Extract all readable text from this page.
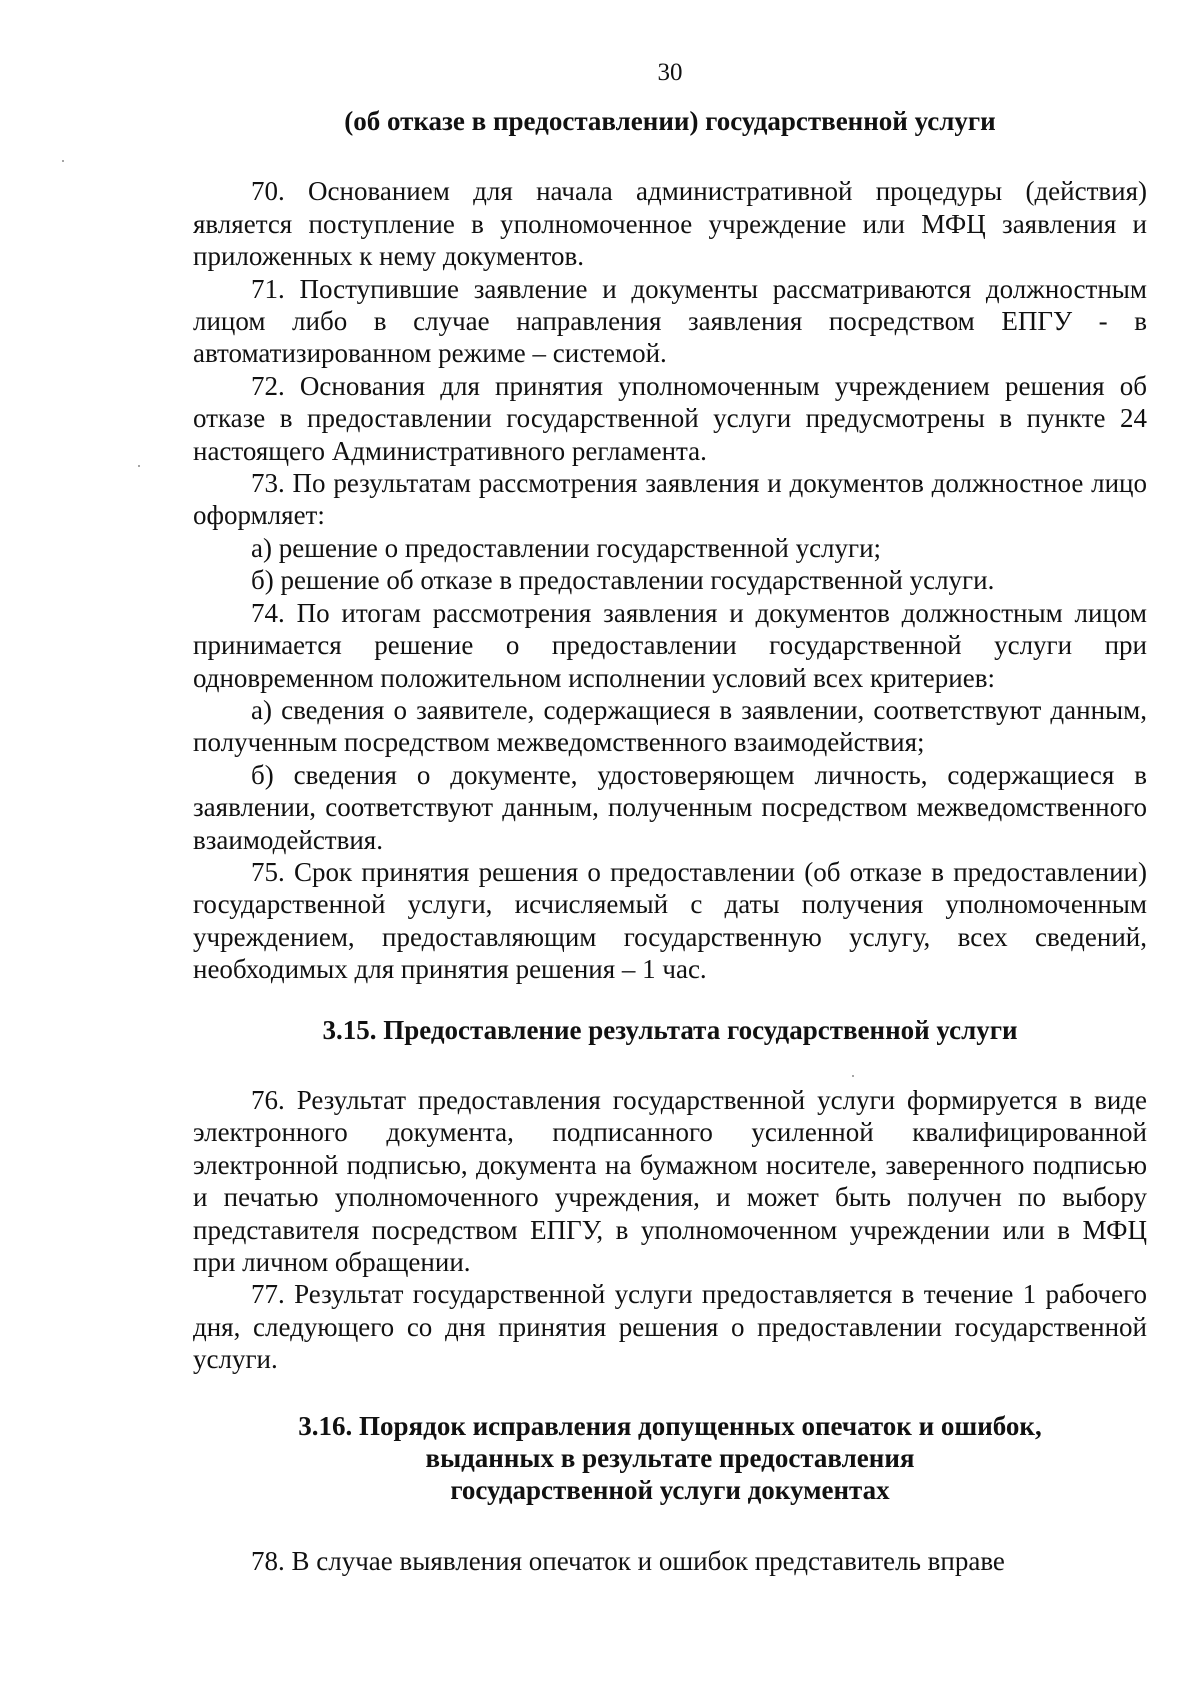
30
(об отказе в предоставлении) государственной услуги

70. Основанием для начала административной процедуры (действия) является поступление в уполномоченное учреждение или МФЦ заявления и приложенных к нему документов.

71. Поступившие заявление и документы рассматриваются должностным лицом либо в случае направления заявления посредством ЕПГУ - в автоматизированном режиме – системой.

72. Основания для принятия уполномоченным учреждением решения об отказе в предоставлении государственной услуги предусмотрены в пункте 24 настоящего Административного регламента.

73. По результатам рассмотрения заявления и документов должностное лицо оформляет:

а) решение о предоставлении государственной услуги;

б) решение об отказе в предоставлении государственной услуги.

74. По итогам рассмотрения заявления и документов должностным лицом принимается решение о предоставлении государственной услуги при одновременном положительном исполнении условий всех критериев:

а) сведения о заявителе, содержащиеся в заявлении, соответствуют данным, полученным посредством межведомственного взаимодействия;

б) сведения о документе, удостоверяющем личность, содержащиеся в заявлении, соответствуют данным, полученным посредством межведомственного взаимодействия.

75. Срок принятия решения о предоставлении (об отказе в предоставлении) государственной услуги, исчисляемый с даты получения уполномоченным учреждением, предоставляющим государственную услугу, всех сведений, необходимых для принятия решения – 1 час.

3.15. Предоставление результата государственной услуги

76. Результат предоставления государственной услуги формируется в виде электронного документа, подписанного усиленной квалифицированной электронной подписью, документа на бумажном носителе, заверенного подписью и печатью уполномоченного учреждения, и может быть получен по выбору представителя посредством ЕПГУ, в уполномоченном учреждении или в МФЦ при личном обращении.

77. Результат государственной услуги предоставляется в течение 1 рабочего дня, следующего со дня принятия решения о предоставлении государственной услуги.

3.16. Порядок исправления допущенных опечаток и ошибок,
выданных в результате предоставления
государственной услуги документах

78. В случае выявления опечаток и ошибок представитель вправе
